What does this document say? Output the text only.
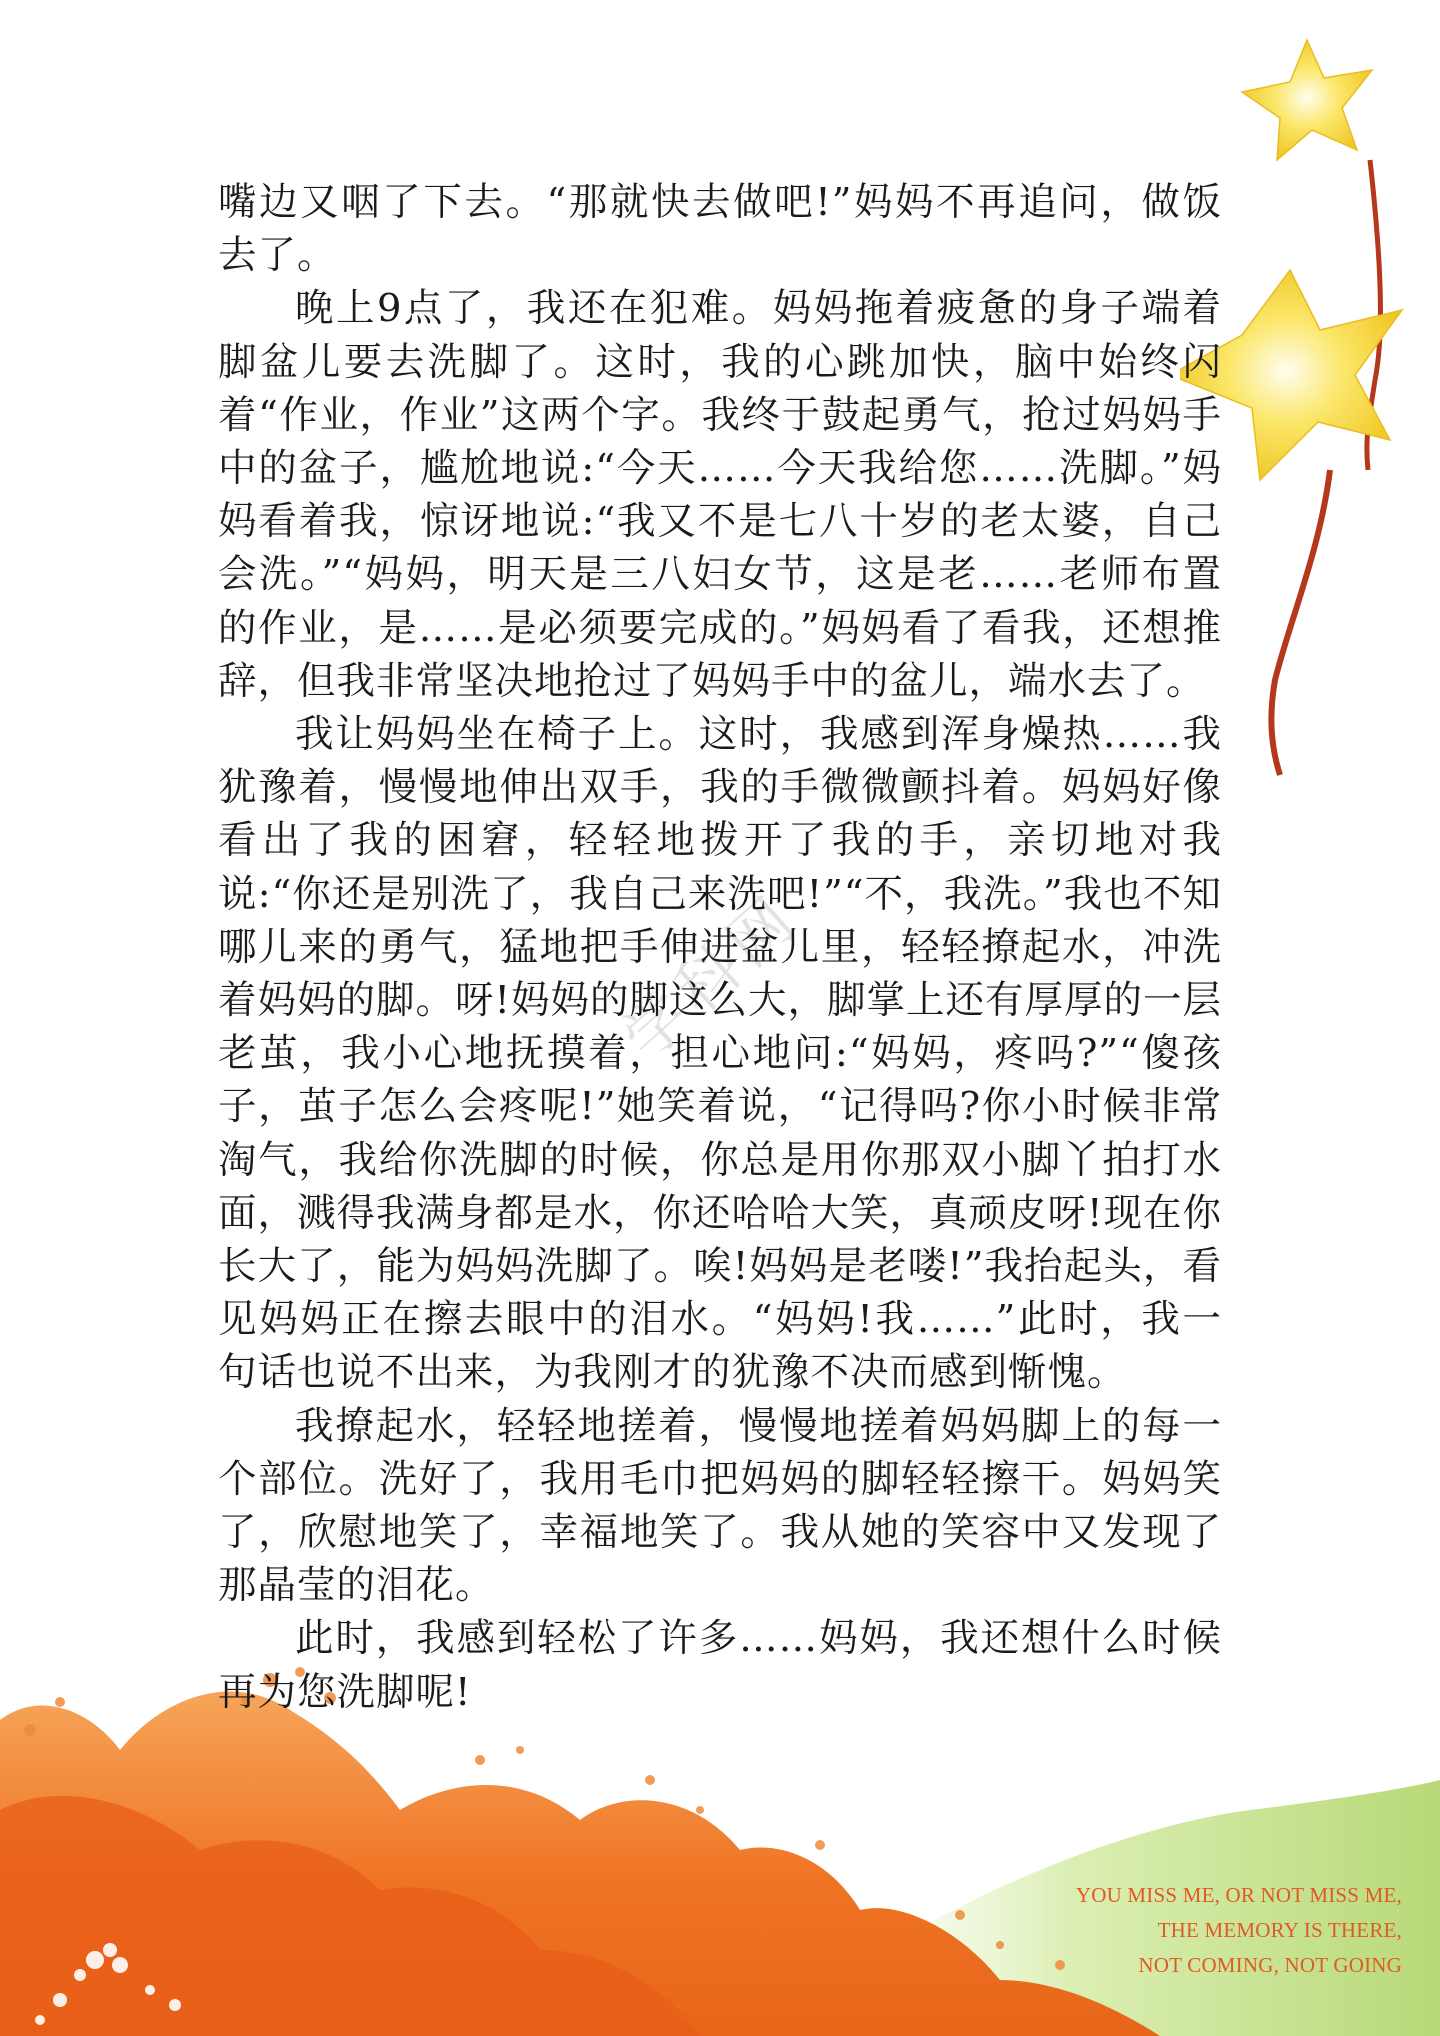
学科网

嘴边又咽了下去。“那就快去做吧!”妈妈不再追问，做饭去了。

晚上9点了，我还在犯难。妈妈拖着疲惫的身子端着脚盆儿要去洗脚了。这时，我的心跳加快，脑中始终闪着“作业，作业”这两个字。我终于鼓起勇气，抢过妈妈手中的盆子，尴尬地说:“今天……今天我给您……洗脚。”妈妈看着我，惊讶地说:“我又不是七八十岁的老太婆，自己会洗。”“妈妈，明天是三八妇女节，这是老……老师布置的作业，是……是必须要完成的。”妈妈看了看我，还想推辞，但我非常坚决地抢过了妈妈手中的盆儿，端水去了。

我让妈妈坐在椅子上。这时，我感到浑身燥热……我犹豫着，慢慢地伸出双手，我的手微微颤抖着。妈妈好像看出了我的困窘，轻轻地拨开了我的手，亲切地对我说:“你还是别洗了，我自己来洗吧!”“不，我洗。”我也不知哪儿来的勇气，猛地把手伸进盆儿里，轻轻撩起水，冲洗着妈妈的脚。呀!妈妈的脚这么大，脚掌上还有厚厚的一层老茧，我小心地抚摸着，担心地问:“妈妈，疼吗?”“傻孩子，茧子怎么会疼呢!”她笑着说，“记得吗?你小时候非常淘气，我给你洗脚的时候，你总是用你那双小脚丫拍打水面，溅得我满身都是水，你还哈哈大笑，真顽皮呀!现在你长大了，能为妈妈洗脚了。唉!妈妈是老喽!”我抬起头，看见妈妈正在擦去眼中的泪水。“妈妈!我……”此时，我一句话也说不出来，为我刚才的犹豫不决而感到惭愧。

我撩起水，轻轻地搓着，慢慢地搓着妈妈脚上的每一个部位。洗好了，我用毛巾把妈妈的脚轻轻擦干。妈妈笑了，欣慰地笑了，幸福地笑了。我从她的笑容中又发现了那晶莹的泪花。

此时，我感到轻松了许多……妈妈，我还想什么时候再为您洗脚呢!

YOU MISS ME, OR NOT MISS ME,
THE MEMORY IS THERE,
NOT COMING, NOT GOING
